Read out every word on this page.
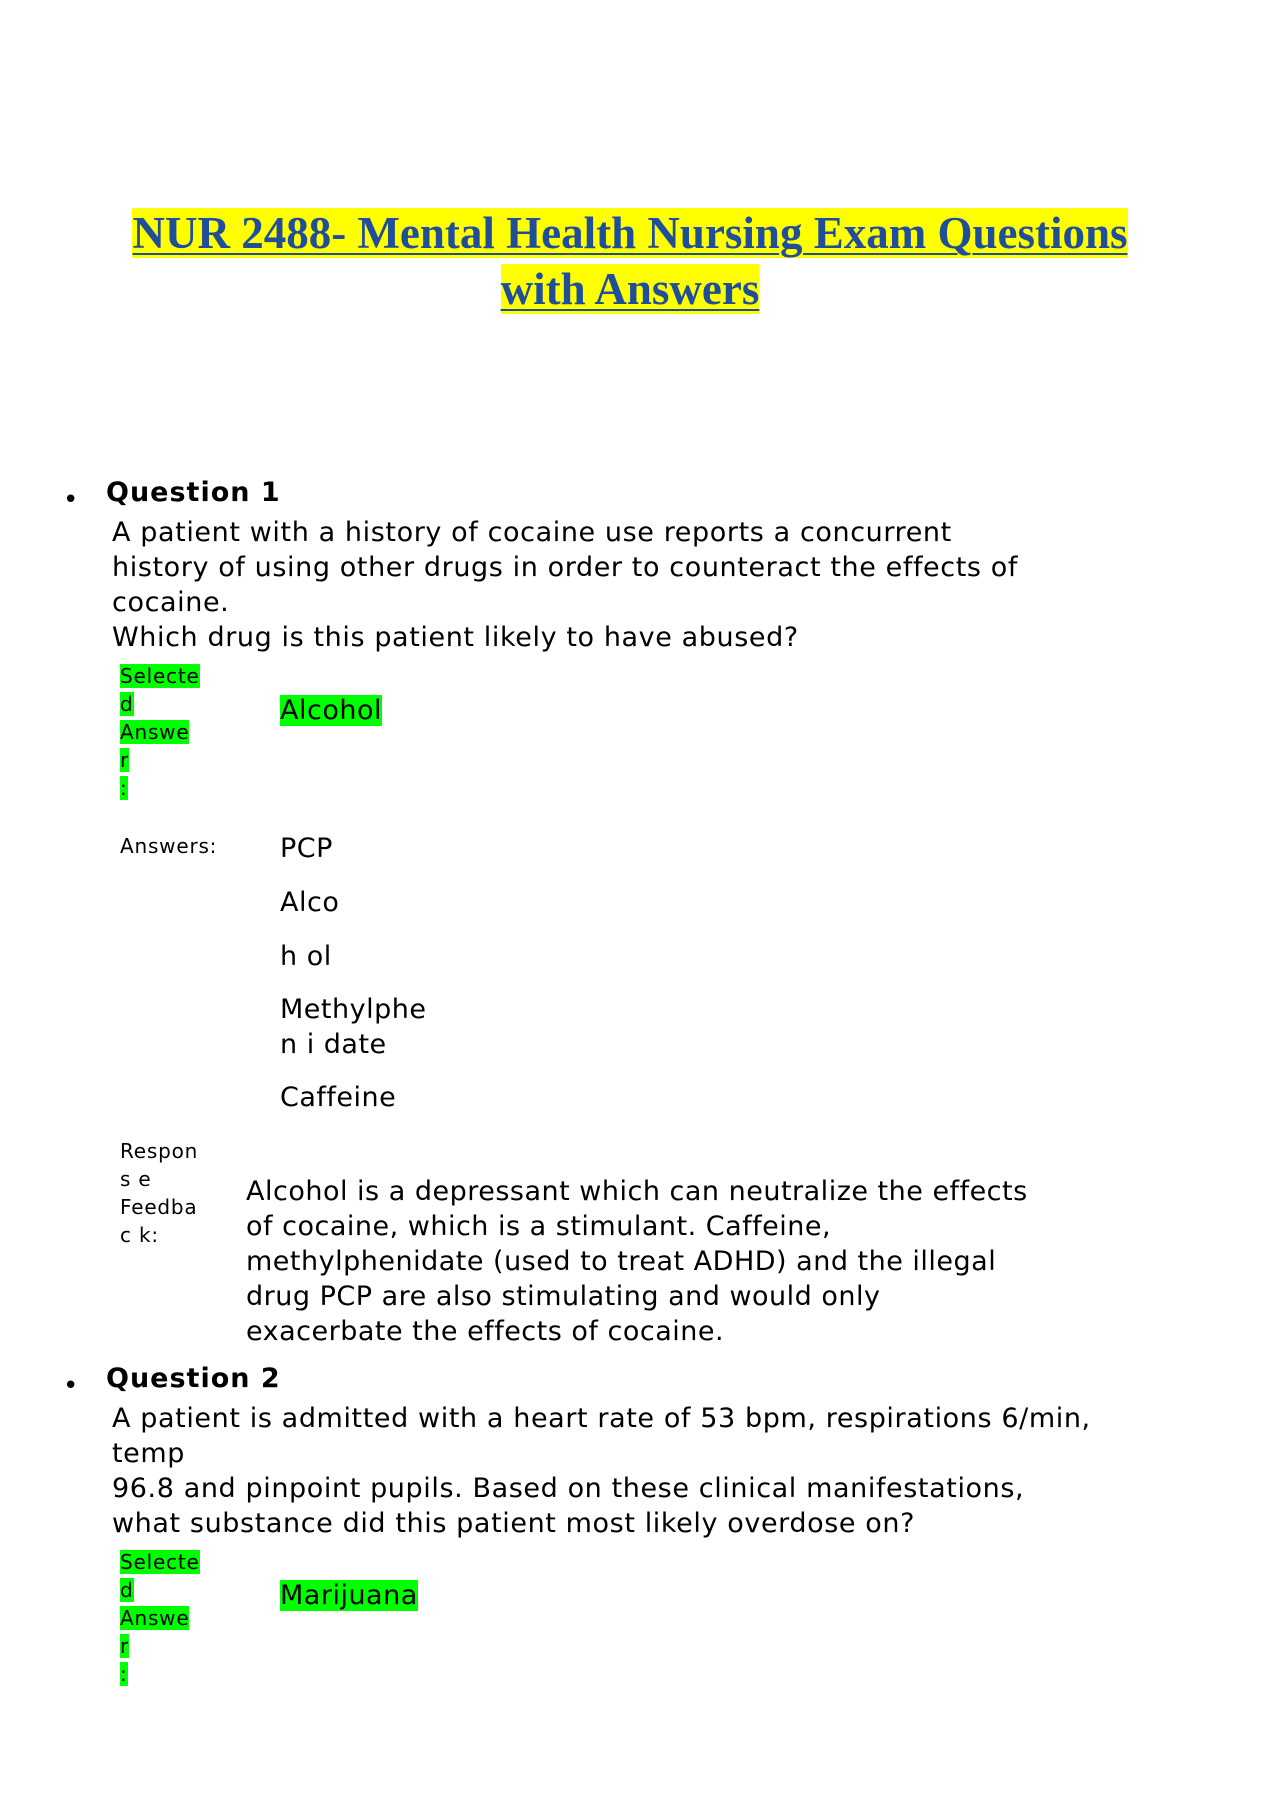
NUR 2488- Mental Health Nursing Exam Questions
with Answers
• Question 1
A patient with a history of cocaine use reports a concurrent
history of using other drugs in order to counteract the effects of
cocaine.
Which drug is this patient likely to have abused?
Selecte
d
Answe
r
:
Alcohol
Answers: PCP
Alco
h ol
Methylphe
n i date
Caffeine
Respon
s e
Feedba
c k:
Alcohol is a depressant which can neutralize the effects
of cocaine, which is a stimulant. Caffeine,
methylphenidate (used to treat ADHD) and the illegal
drug PCP are also stimulating and would only
exacerbate the effects of cocaine.
• Question 2
A patient is admitted with a heart rate of 53 bpm, respirations 6/min,
temp
96.8 and pinpoint pupils. Based on these clinical manifestations,
what substance did this patient most likely overdose on?
Selecte
d
Answe
r
:
Marijuana
